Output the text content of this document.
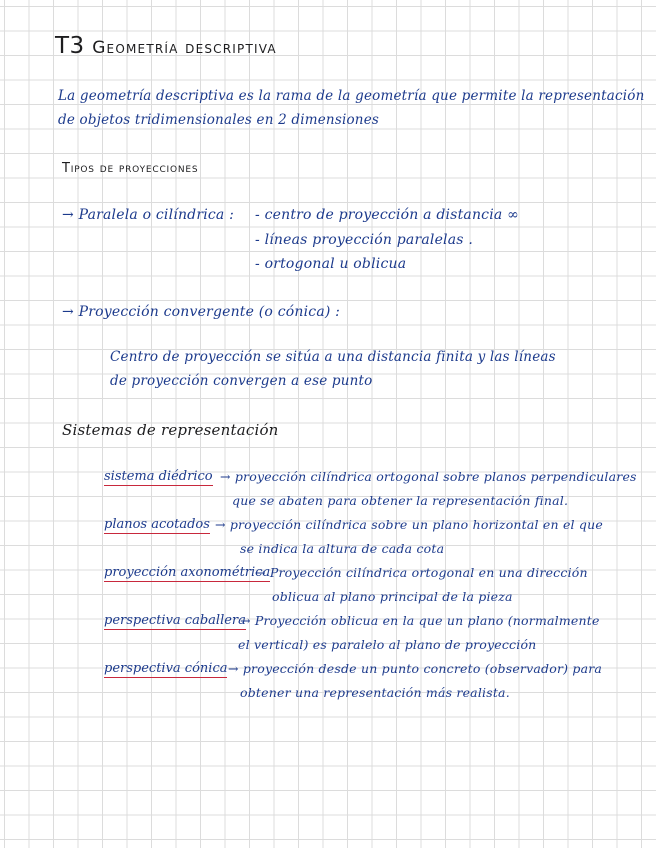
T3 Geometría descriptiva
La geometría descriptiva es la rama de la geometría que permite la representación
de objetos tridimensionales en 2 dimensiones
Tipos de proyecciones
→ Paralela o cilíndrica : - centro de proyección a distancia ∞
- líneas proyección paralelas .
- ortogonal u oblicua
→ Proyección convergente (o cónica) :
Centro de proyección se sitúa a una distancia finita y las líneas
de proyección convergen a ese punto
Sistemas de representación
sistema diédrico → proyección cilíndrica ortogonal sobre planos perpendiculares
que se abaten para obtener la representación final.
planos acotados → proyección cilíndrica sobre un plano horizontal en el que
se indica la altura de cada cota
proyección axonométrica
→ Proyección cilíndrica ortogonal en una dirección
oblicua al plano principal de la pieza
perspectiva caballera
→ Proyección oblicua en la que un plano (normalmente
el vertical) es paralelo al plano de proyección
perspectiva cónica → proyección desde un punto concreto (observador) para
obtener una representación más realista.
